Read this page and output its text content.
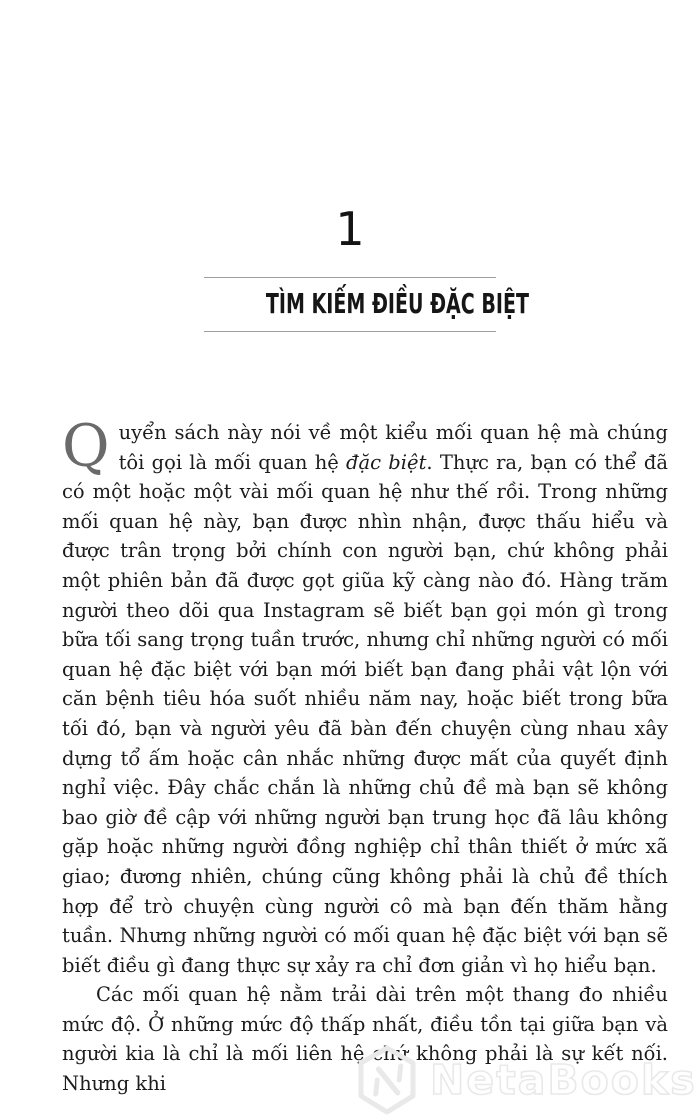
1
TÌM KIẾM ĐIỀU ĐẶC BIỆT

Quyển sách này nói về một kiểu mối quan hệ mà chúng tôi gọi là mối quan hệ đặc biệt. Thực ra, bạn có thể đã có một hoặc một vài mối quan hệ như thế rồi. Trong những mối quan hệ này, bạn được nhìn nhận, được thấu hiểu và được trân trọng bởi chính con người bạn, chứ không phải một phiên bản đã được gọt giũa kỹ càng nào đó. Hàng trăm người theo dõi qua Instagram sẽ biết bạn gọi món gì trong bữa tối sang trọng tuần trước, nhưng chỉ những người có mối quan hệ đặc biệt với bạn mới biết bạn đang phải vật lộn với căn bệnh tiêu hóa suốt nhiều năm nay, hoặc biết trong bữa tối đó, bạn và người yêu đã bàn đến chuyện cùng nhau xây dựng tổ ấm hoặc cân nhắc những được mất của quyết định nghỉ việc. Đây chắc chắn là những chủ đề mà bạn sẽ không bao giờ đề cập với những người bạn trung học đã lâu không gặp hoặc những người đồng nghiệp chỉ thân thiết ở mức xã giao; đương nhiên, chúng cũng không phải là chủ đề thích hợp để trò chuyện cùng người cô mà bạn đến thăm hằng tuần. Nhưng những người có mối quan hệ đặc biệt với bạn sẽ biết điều gì đang thực sự xảy ra chỉ đơn giản vì họ hiểu bạn.

Các mối quan hệ nằm trải dài trên một thang đo nhiều mức độ. Ở những mức độ thấp nhất, điều tồn tại giữa bạn và người kia là chỉ là mối liên hệ chứ không phải là sự kết nối. Nhưng khi	NetaBooks
